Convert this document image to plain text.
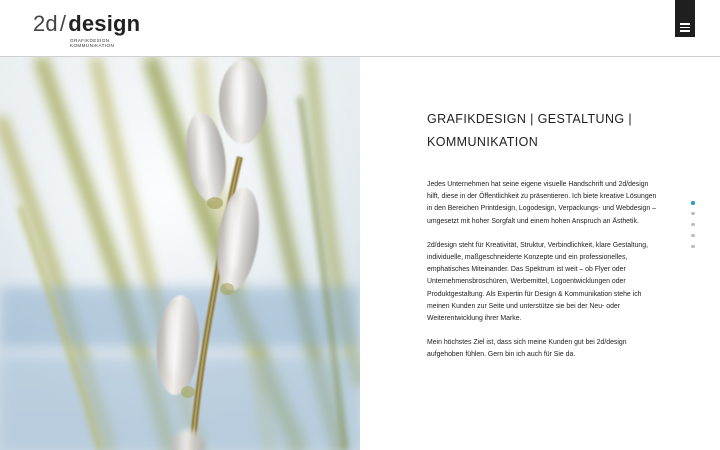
2d/design
GRAFIKDESIGN
KOMMUNIKATION
GRAFIKDESIGN | GESTALTUNG |
KOMMUNIKATION

Jedes Unternehmen hat seine eigene visuelle Handschrift und 2d/design hilft, diese in der Öffentlichkeit zu präsentieren. Ich biete kreative Lösungen in den Bereichen Printdesign, Logodesign, Verpackungs- und Webdesign – umgesetzt mit hoher Sorgfalt und einem hohen Anspruch an Ästhetik.

2d/design steht für Kreativität, Struktur, Verbindlichkeit, klare Gestaltung, individuelle, maßgeschneiderte Konzepte und ein professionelles, emphatisches Miteinander. Das Spektrum ist weit – ob Flyer oder Unternehmensbroschüren, Werbemittel, Logoentwicklungen oder Produktgestaltung. Als Expertin für Design & Kommunikation stehe ich meinen Kunden zur Seite und unterstütze sie bei der Neu- oder Weiterentwicklung ihrer Marke.

Mein höchstes Ziel ist, dass sich meine Kunden gut bei 2d/design aufgehoben fühlen. Gern bin ich auch für Sie da.
